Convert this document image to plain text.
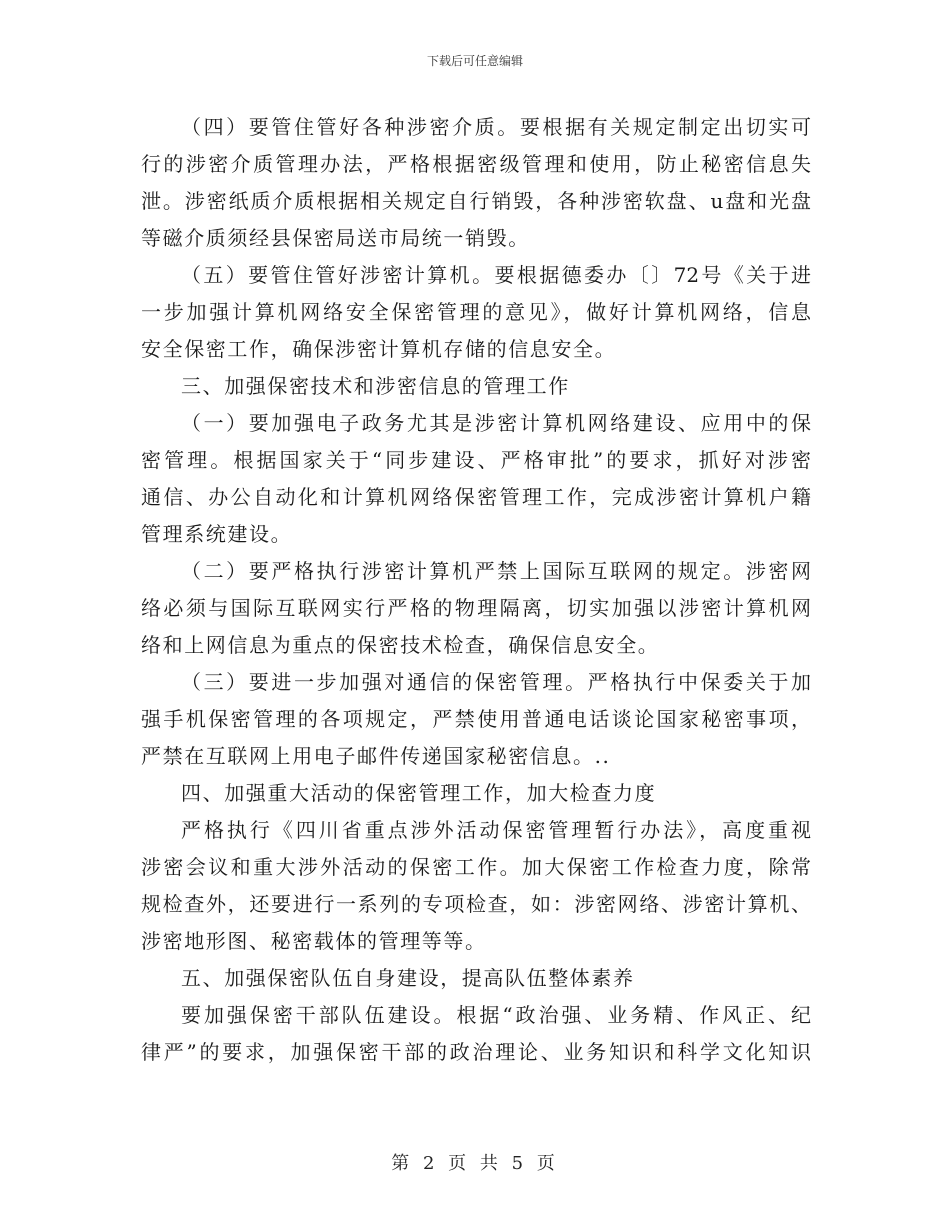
下载后可任意编辑
（四）要管住管好各种涉密介质。要根据有关规定制定出切实可
行的涉密介质管理办法，严格根据密级管理和使用，防止秘密信息失
泄。涉密纸质介质根据相关规定自行销毁，各种涉密软盘、u盘和光盘
等磁介质须经县保密局送市局统一销毁。
（五）要管住管好涉密计算机。要根据德委办〔〕72号《关于进
一步加强计算机网络安全保密管理的意见》，做好计算机网络，信息
安全保密工作，确保涉密计算机存储的信息安全。
三、加强保密技术和涉密信息的管理工作
（一）要加强电子政务尤其是涉密计算机网络建设、应用中的保
密管理。根据国家关于“同步建设、严格审批”的要求，抓好对涉密
通信、办公自动化和计算机网络保密管理工作，完成涉密计算机户籍
管理系统建设。
（二）要严格执行涉密计算机严禁上国际互联网的规定。涉密网
络必须与国际互联网实行严格的物理隔离，切实加强以涉密计算机网
络和上网信息为重点的保密技术检查，确保信息安全。
（三）要进一步加强对通信的保密管理。严格执行中保委关于加
强手机保密管理的各项规定，严禁使用普通电话谈论国家秘密事项，
严禁在互联网上用电子邮件传递国家秘密信息。..
四、加强重大活动的保密管理工作，加大检查力度
严格执行《四川省重点涉外活动保密管理暂行办法》，高度重视
涉密会议和重大涉外活动的保密工作。加大保密工作检查力度，除常
规检查外，还要进行一系列的专项检查，如：涉密网络、涉密计算机、
涉密地形图、秘密载体的管理等等。
五、加强保密队伍自身建设，提高队伍整体素养
要加强保密干部队伍建设。根据“政治强、业务精、作风正、纪
律严”的要求，加强保密干部的政治理论、业务知识和科学文化知识
第 2 页 共 5 页
